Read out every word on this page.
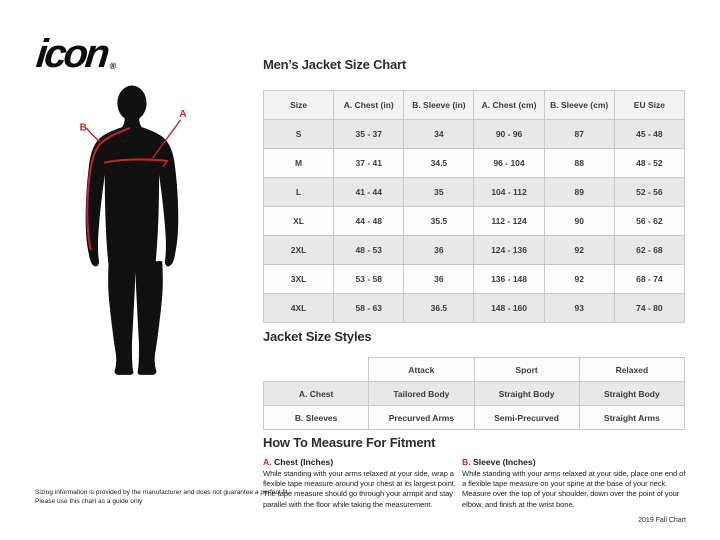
icon®
B
A
Men’s Jacket Size Chart
Size	A. Chest (in)	B. Sleeve (in)	A. Chest (cm)	B. Sleeve (cm)	EU Size
S	35 - 37	34	90 - 96	87	45 - 48
M	37 - 41	34.5	96 - 104	88	48 - 52
L	41 - 44	35	104 - 112	89	52 - 56
XL	44 - 48	35.5	112 - 124	90	56 - 62
2XL	48 - 53	36	124 - 136	92	62 - 68
3XL	53 - 58	36	136 - 148	92	68 - 74
4XL	58 - 63	36.5	148 - 160	93	74 - 80
Jacket Size Styles
	Attack	Sport	Relaxed
A. Chest	Tailored Body	Straight Body	Straight Body
B. Sleeves	Precurved Arms	Semi-Precurved	Straight Arms
How To Measure For Fitment
A. Chest (Inches)

While standing with your arms relaxed at your side, wrap a flexible tape measure around your chest at its largest point. The tape measure should go through your armpit and stay parallel with the floor while taking the measurement.

B. Sleeve (Inches)

While standing with your arms relaxed at your side, place one end of a flexible tape measure on your spine at the base of your neck. Measure over the top of your shoulder, down over the point of your elbow, and finish at the wrist bone.

Sizing information is provided by the manufacturer and does not guarantee a perfect fit. Please use this chart as a guide only
2019 Fall Chart
